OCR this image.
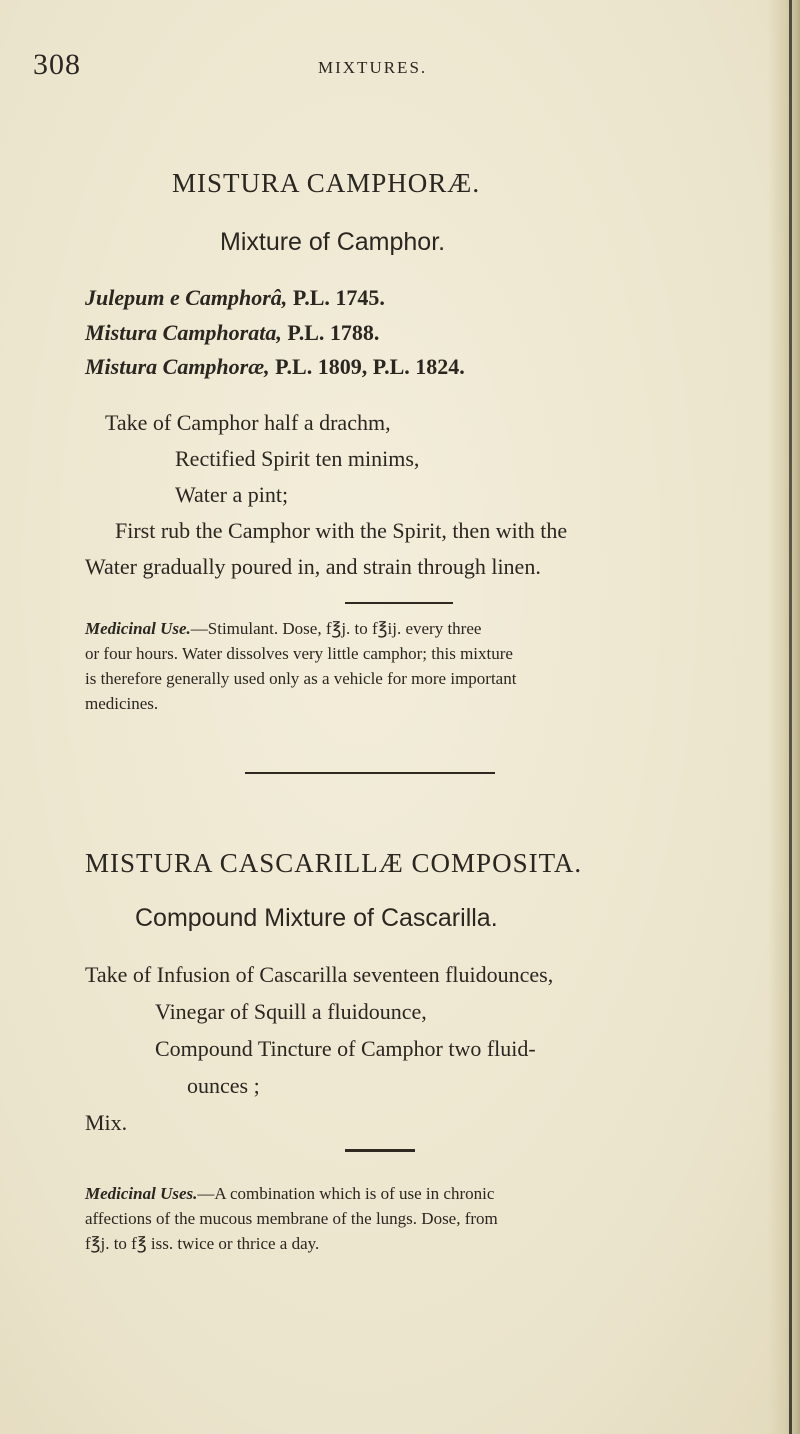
308	MIXTURES.
MISTURA CAMPHORÆ.
Mixture of Camphor.
Julepum e Camphorâ, P.L. 1745.
Mistura Camphorata, P.L. 1788.
Mistura Camphoræ, P.L. 1809, P.L. 1824.
Take of Camphor half a drachm,
Rectified Spirit ten minims,
Water a pint;
First rub the Camphor with the Spirit, then with the
Water gradually poured in, and strain through linen.
Medicinal Use.—Stimulant. Dose, f℥j. to f℥ij. every three
or four hours. Water dissolves very little camphor; this mixture
is therefore generally used only as a vehicle for more important
medicines.
MISTURA CASCARILLÆ COMPOSITA.
Compound Mixture of Cascarilla.
Take of Infusion of Cascarilla seventeen fluidounces,
Vinegar of Squill a fluidounce,
Compound Tincture of Camphor two fluid-
ounces ;
Mix.
Medicinal Uses.—A combination which is of use in chronic
affections of the mucous membrane of the lungs. Dose, from
f℥j. to f℥ iss. twice or thrice a day.
